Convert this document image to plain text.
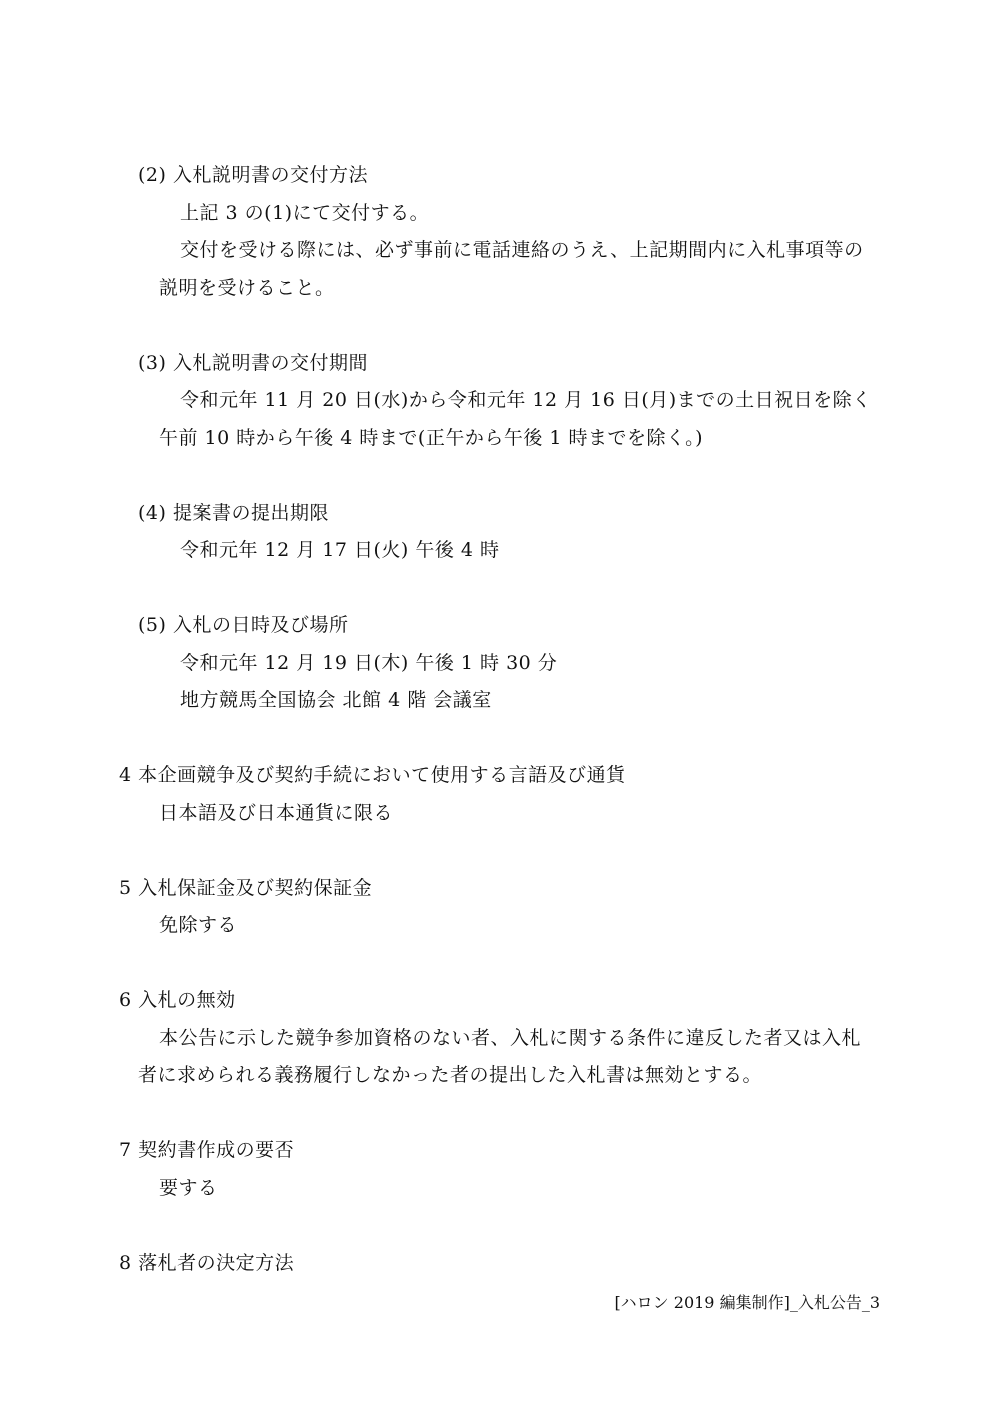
(2) 入札説明書の交付方法
上記 3 の(1)にて交付する。
交付を受ける際には、必ず事前に電話連絡のうえ、上記期間内に入札事項等の
説明を受けること。
(3) 入札説明書の交付期間
令和元年 11 月 20 日(水)から令和元年 12 月 16 日(月)までの土日祝日を除く
午前 10 時から午後 4 時まで(正午から午後 1 時までを除く。)
(4) 提案書の提出期限
令和元年 12 月 17 日(火) 午後 4 時
(5) 入札の日時及び場所
令和元年 12 月 19 日(木) 午後 1 時 30 分
地方競馬全国協会 北館 4 階 会議室
4 本企画競争及び契約手続において使用する言語及び通貨
日本語及び日本通貨に限る
5 入札保証金及び契約保証金
免除する
6 入札の無効
本公告に示した競争参加資格のない者、入札に関する条件に違反した者又は入札
者に求められる義務履行しなかった者の提出した入札書は無効とする。
7 契約書作成の要否
要する
8 落札者の決定方法
[ハロン 2019 編集制作]_入札公告_3
